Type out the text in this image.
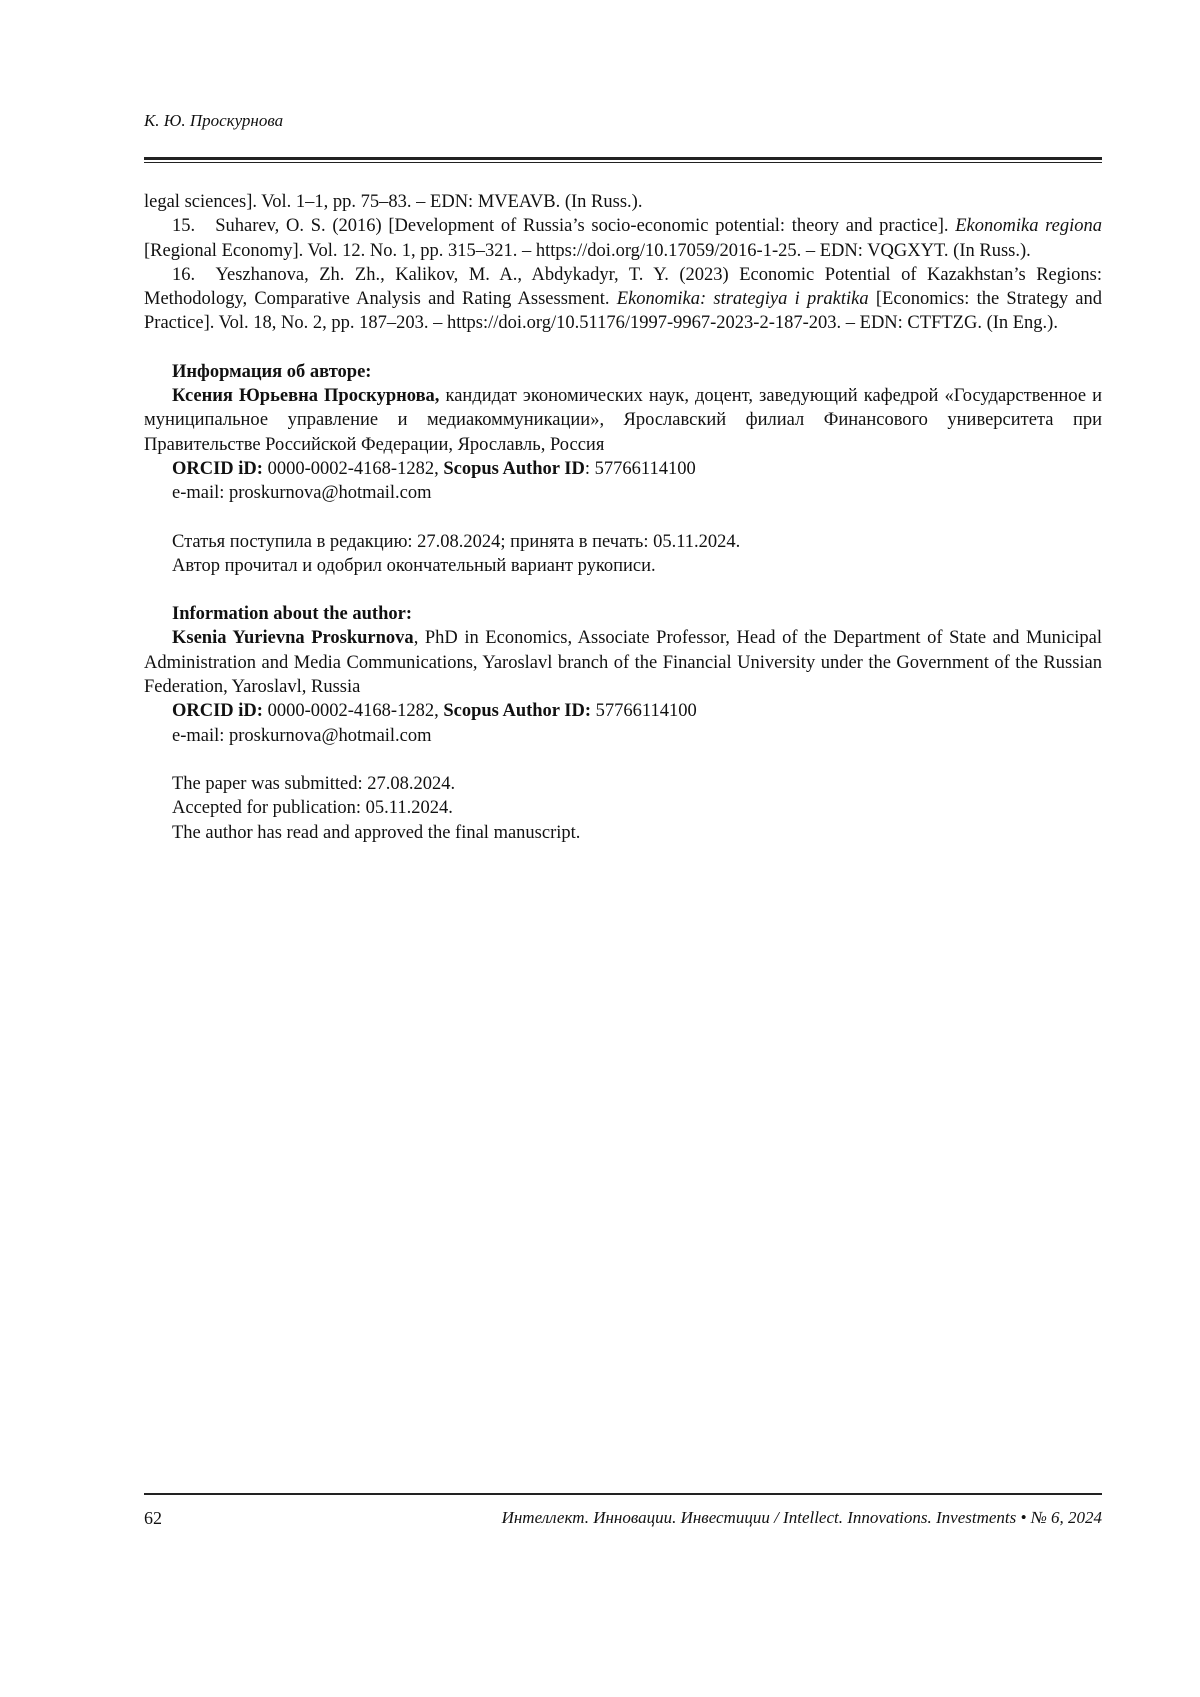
К. Ю. Проскурнова

legal sciences]. Vol. 1–1, pp. 75–83. – EDN: MVEAVB. (In Russ.).

15. Suharev, O. S. (2016) [Development of Russia’s socio-economic potential: theory and practice]. Ekonomika regiona [Regional Economy]. Vol. 12. No. 1, pp. 315–321. – https://doi.org/10.17059/2016-1-25. – EDN: VQGXYT. (In Russ.).

16. Yeszhanova, Zh. Zh., Kalikov, M. A., Abdykadyr, T. Y. (2023) Economic Potential of Kazakhstan’s Regions: Methodology, Comparative Analysis and Rating Assessment. Ekonomika: strategiya i praktika [Economics: the Strategy and Practice]. Vol. 18, No. 2, pp. 187–203. – https://doi.org/10.51176/1997-9967-2023-2-187-203. – EDN: CTFTZG. (In Eng.).

Информация об авторе:

Ксения Юрьевна Проскурнова, кандидат экономических наук, доцент, заведующий кафедрой «Государственное и муниципальное управление и медиакоммуникации», Ярославский филиал Финансового университета при Правительстве Российской Федерации, Ярославль, Россия

ORCID iD: 0000-0002-4168-1282, Scopus Author ID: 57766114100

e-mail: proskurnova@hotmail.com

Статья поступила в редакцию: 27.08.2024; принята в печать: 05.11.2024.

Автор прочитал и одобрил окончательный вариант рукописи.

Information about the author:

Ksenia Yurievna Proskurnova, PhD in Economics, Associate Professor, Head of the Department of State and Municipal Administration and Media Communications, Yaroslavl branch of the Financial University under the Government of the Russian Federation, Yaroslavl, Russia

ORCID iD: 0000-0002-4168-1282, Scopus Author ID: 57766114100

e-mail: proskurnova@hotmail.com

The paper was submitted: 27.08.2024.

Accepted for publication: 05.11.2024.

The author has read and approved the final manuscript.

62	Интеллект. Инновации. Инвестиции / Intellect. Innovations. Investments • № 6, 2024
